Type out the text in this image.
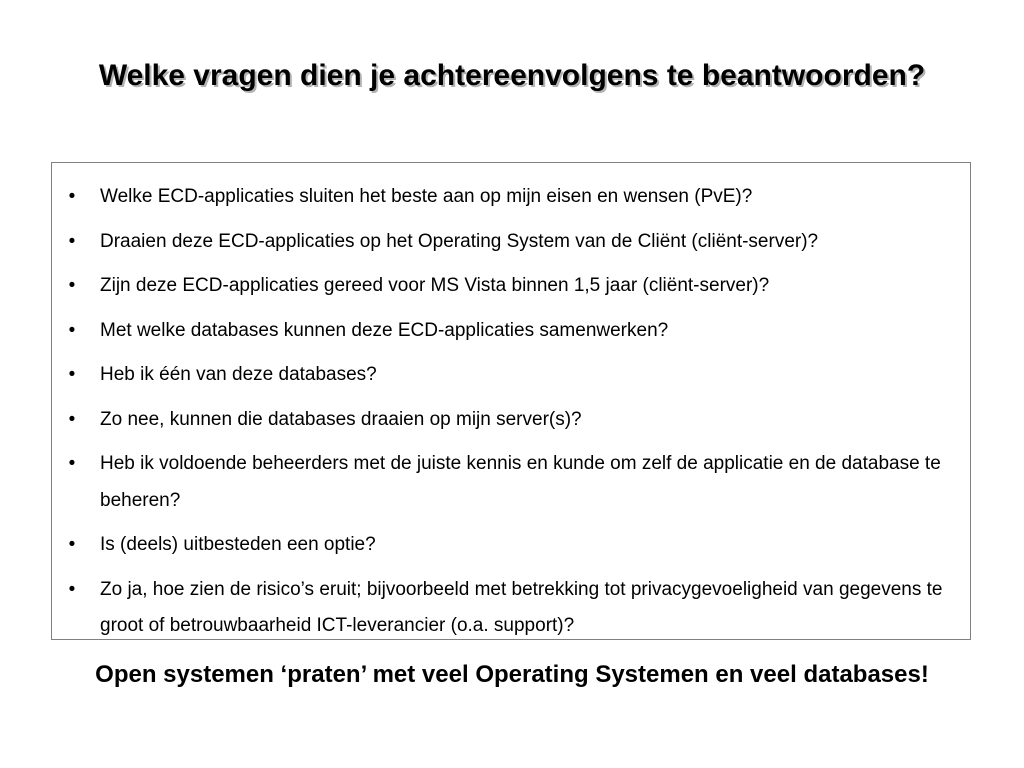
Welke vragen dien je achtereenvolgens te beantwoorden?
•	Welke ECD-applicaties sluiten het beste aan op mijn eisen en wensen (PvE)?
•	Draaien deze ECD-applicaties op het Operating System van de Cliënt (cliënt-server)?
•	Zijn deze ECD-applicaties gereed voor MS Vista binnen 1,5 jaar (cliënt-server)?
•	Met welke databases kunnen deze ECD-applicaties samenwerken?
•	Heb ik één van deze databases?
•	Zo nee, kunnen die databases draaien op mijn server(s)?
•	Heb ik voldoende beheerders met de juiste kennis en kunde om zelf de applicatie en de database te beheren?
•	Is (deels) uitbesteden een optie?
•	Zo ja, hoe zien de risico’s eruit; bijvoorbeeld met betrekking tot privacygevoeligheid van gegevens te groot of betrouwbaarheid ICT-leverancier (o.a. support)?

Open systemen ‘praten’ met veel Operating Systemen en veel databases!
